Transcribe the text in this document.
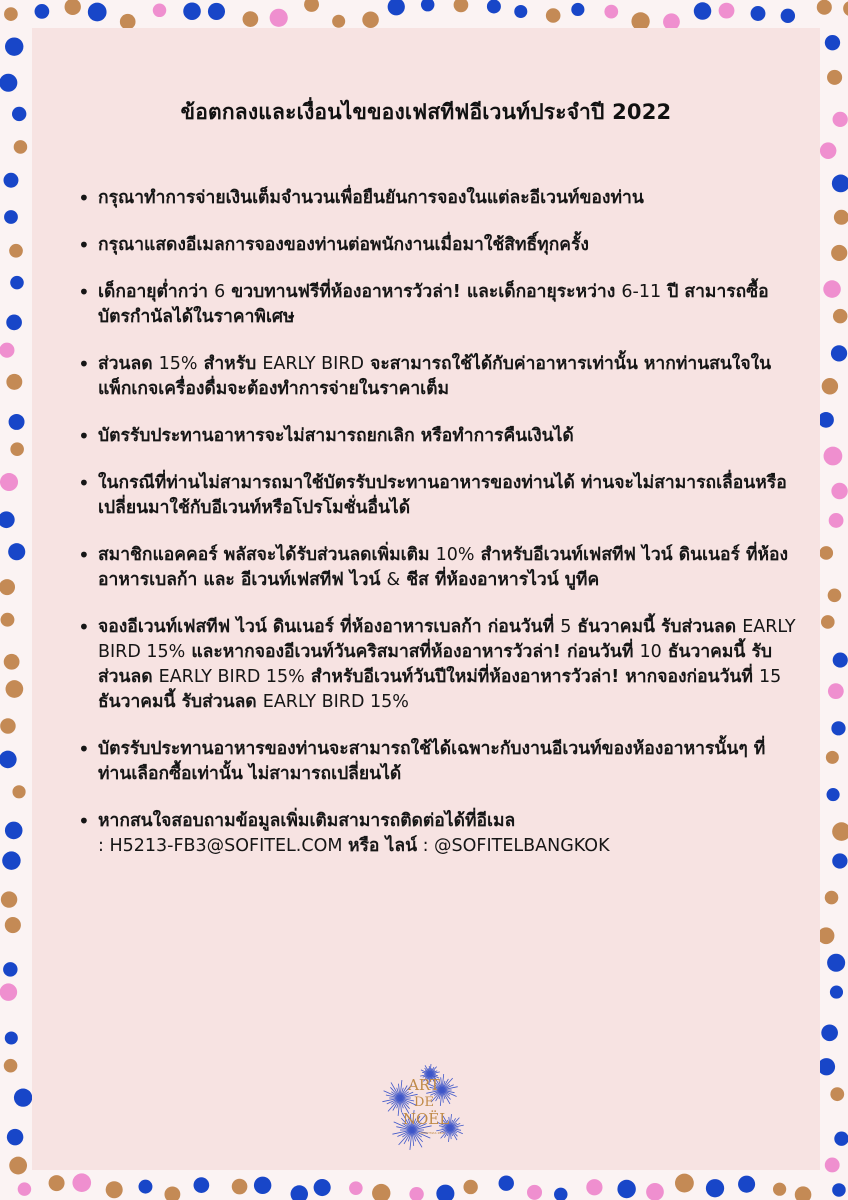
ข้อตกลงและเงื่อนไขของเฟสทีฟอีเวนท์ประจำปี 2022
• กรุณาทำการจ่ายเงินเต็มจำนวนเพื่อยืนยันการจองในแต่ละอีเวนท์ของท่าน
• กรุณาแสดงอีเมลการจองของท่านต่อพนักงานเมื่อมาใช้สิทธิ์ทุกครั้ง
• เด็กอายุต่ำกว่า 6 ขวบทานฟรีที่ห้องอาหารวัวล่า! และเด็กอายุระหว่าง 6-11 ปี สามารถซื้อบัตรกำนัลได้ในราคาพิเศษ
• ส่วนลด 15% สำหรับ EARLY BIRD จะสามารถใช้ได้กับค่าอาหารเท่านั้น หากท่านสนใจในแพ็กเกจเครื่องดื่มจะต้องทำการจ่ายในราคาเต็ม
• บัตรรับประทานอาหารจะไม่สามารถยกเลิก หรือทำการคืนเงินได้
• ในกรณีที่ท่านไม่สามารถมาใช้บัตรรับประทานอาหารของท่านได้ ท่านจะไม่สามารถเลื่อนหรือเปลี่ยนมาใช้กับอีเวนท์หรือโปรโมชั่นอื่นได้
• สมาชิกแอคคอร์ พลัสจะได้รับส่วนลดเพิ่มเติม 10% สำหรับอีเวนท์เฟสทีฟ ไวน์ ดินเนอร์ ที่ห้องอาหารเบลก้า และ อีเวนท์เฟสทีฟ ไวน์ & ชีส ที่ห้องอาหารไวน์ บูทีค
• จองอีเวนท์เฟสทีฟ ไวน์ ดินเนอร์ ที่ห้องอาหารเบลก้า ก่อนวันที่ 5 ธันวาคมนี้ รับส่วนลด EARLY BIRD 15% และหากจองอีเวนท์วันคริสมาสที่ห้องอาหารวัวล่า! ก่อนวันที่ 10 ธันวาคมนี้ รับส่วนลด EARLY BIRD 15% สำหรับอีเวนท์วันปีใหม่ที่ห้องอาหารวัวล่า! หากจองก่อนวันที่ 15 ธันวาคมนี้ รับส่วนลด EARLY BIRD 15%
• บัตรรับประทานอาหารของท่านจะสามารถใช้ได้เฉพาะกับงานอีเวนท์ของห้องอาหารนั้นๆ ที่ท่านเลือกซื้อเท่านั้น ไม่สามารถเปลี่ยนได้
• หากสนใจสอบถามข้อมูลเพิ่มเติมสามารถติดต่อได้ที่อีเมล
: H5213-FB3@SOFITEL.COM หรือ ไลน์ : @SOFITELBANGKOK
ART
DE
NOËL
CHRISTMAS 2022
